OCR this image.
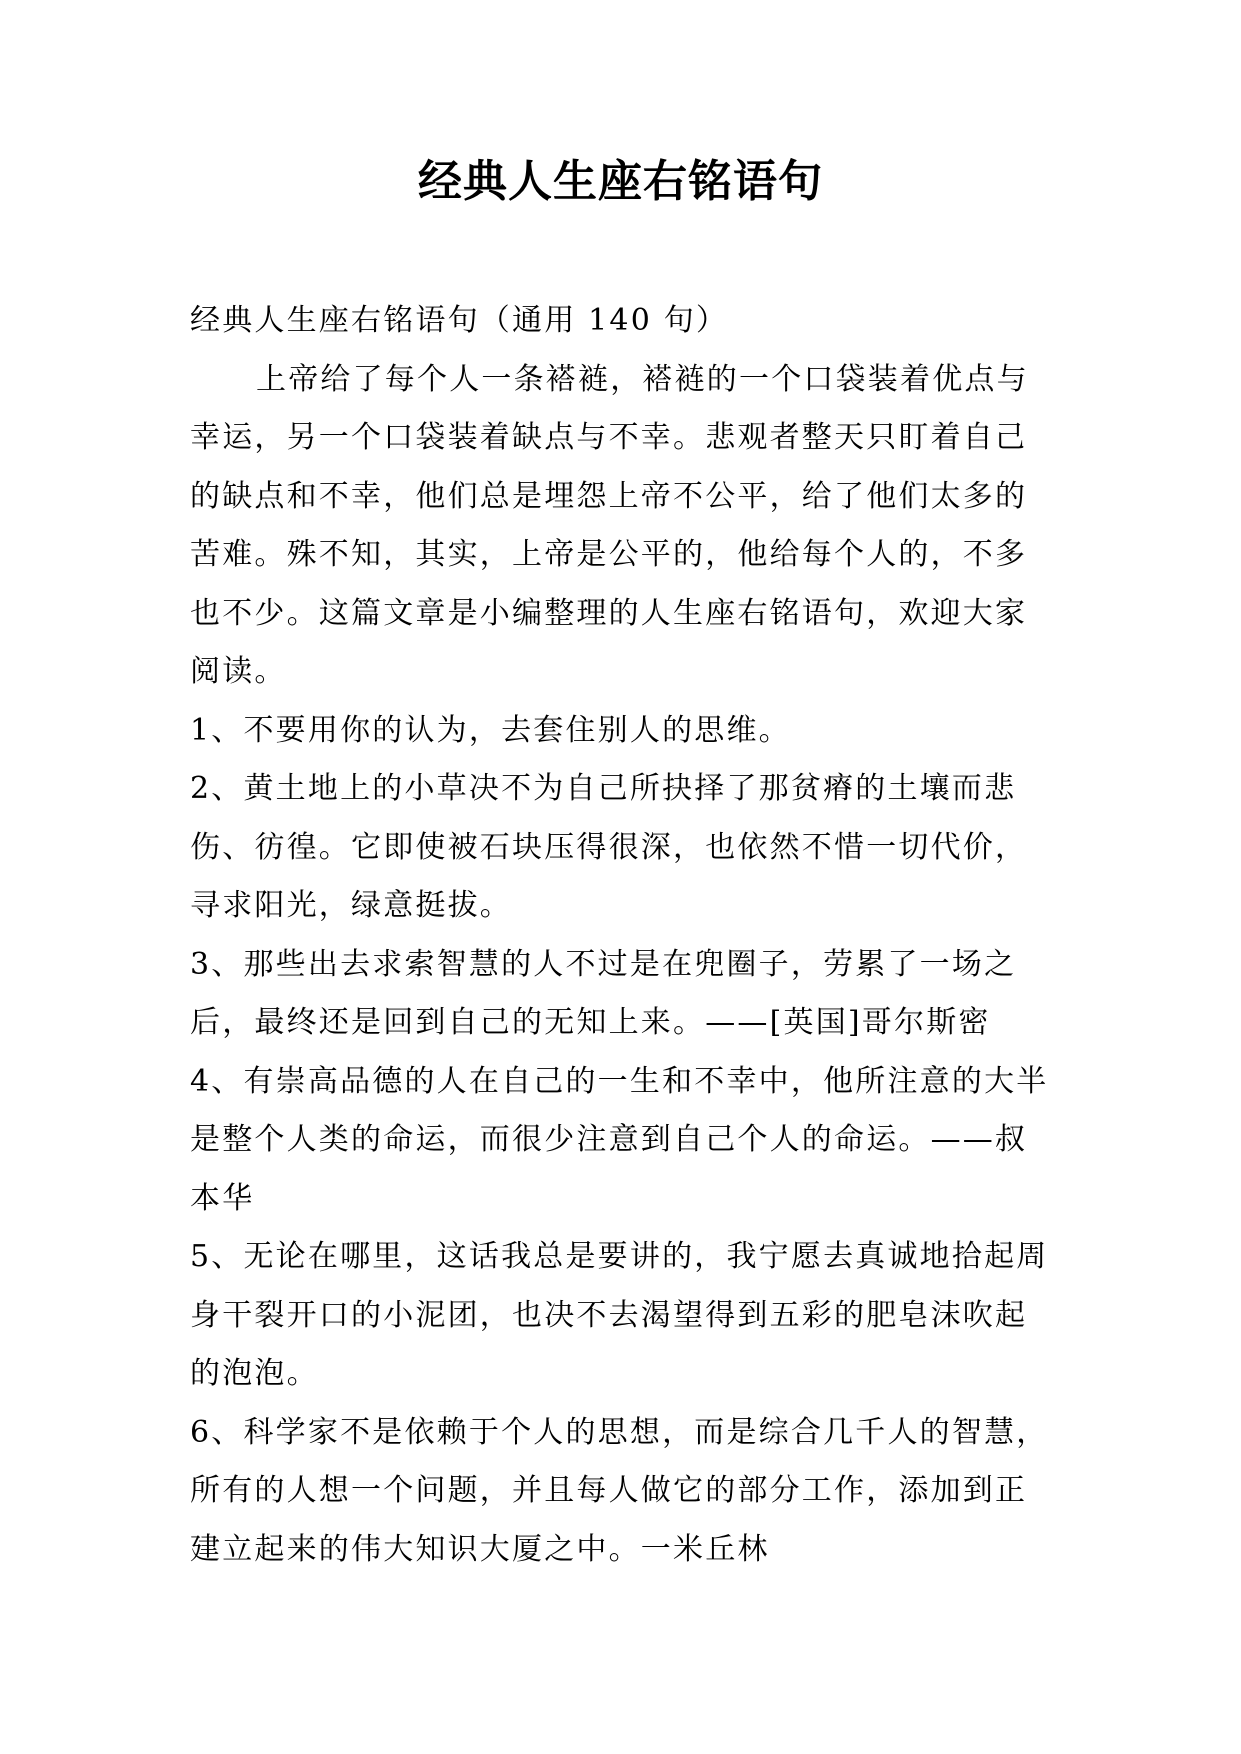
经典人生座右铭语句

经典人生座右铭语句（通用 140 句）

上帝给了每个人一条褡裢，褡裢的一个口袋装着优点与幸运，另一个口袋装着缺点与不幸。悲观者整天只盯着自己的缺点和不幸，他们总是埋怨上帝不公平，给了他们太多的苦难。殊不知，其实，上帝是公平的，他给每个人的，不多也不少。这篇文章是小编整理的人生座右铭语句，欢迎大家阅读。

1、不要用你的认为，去套住别人的思维。

2、黄土地上的小草决不为自己所抉择了那贫瘠的土壤而悲伤、彷徨。它即使被石块压得很深，也依然不惜一切代价，寻求阳光，绿意挺拔。

3、那些出去求索智慧的人不过是在兜圈子，劳累了一场之后，最终还是回到自己的无知上来。——[英国]哥尔斯密

4、有崇高品德的人在自己的一生和不幸中，他所注意的大半是整个人类的命运，而很少注意到自己个人的命运。——叔本华

5、无论在哪里，这话我总是要讲的，我宁愿去真诚地拾起周身干裂开口的小泥团，也决不去渴望得到五彩的肥皂沫吹起的泡泡。

6、科学家不是依赖于个人的思想，而是综合几千人的智慧，所有的人想一个问题，并且每人做它的部分工作，添加到正建立起来的伟大知识大厦之中。一米丘林
